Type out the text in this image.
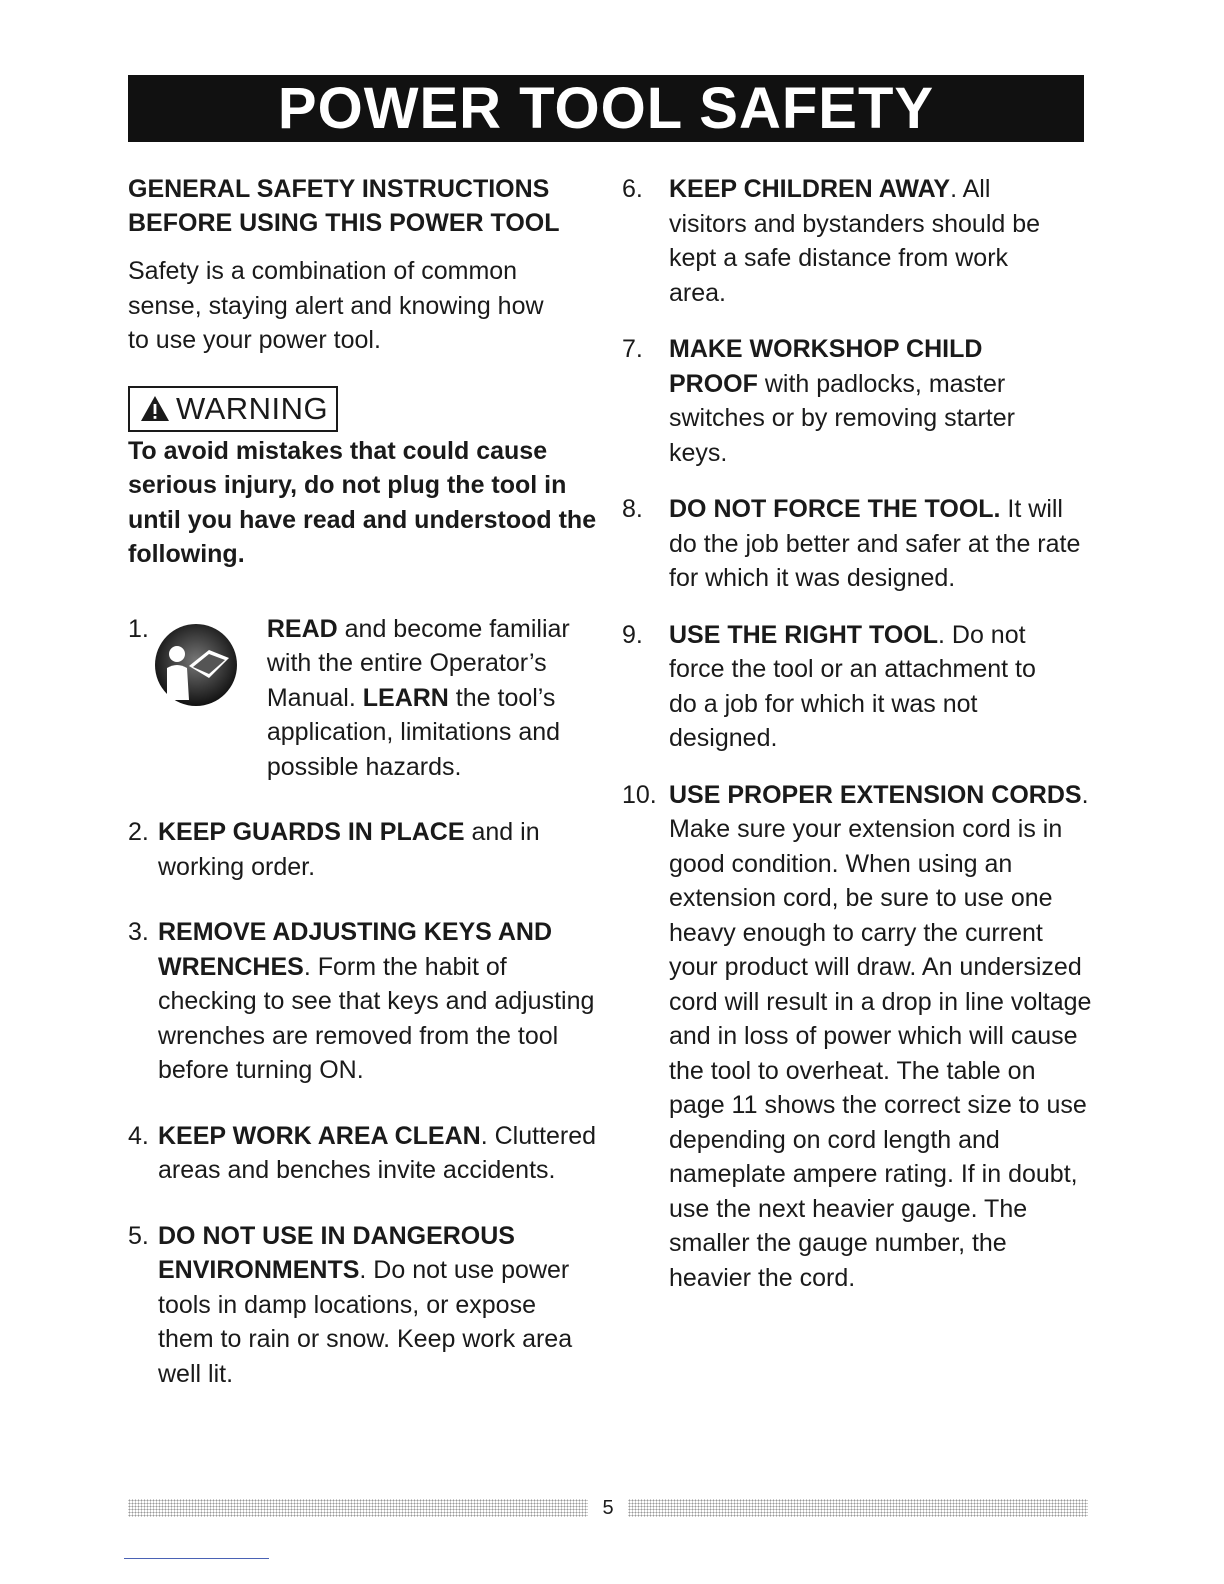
POWER TOOL SAFETY

GENERAL SAFETY INSTRUCTIONS

BEFORE USING THIS POWER TOOL

Safety is a combination of common sense, staying alert and knowing how to use your power tool.

WARNING

To avoid mistakes that could cause serious injury, do not plug the tool in until you have read and understood the following.

1.	READ and become familiar with the entire Operator’s Manual. LEARN the tool’s application, limitations and possible hazards.

2. KEEP GUARDS IN PLACE and in working order.
3. REMOVE ADJUSTING KEYS AND WRENCHES. Form the habit of checking to see that keys and adjusting wrenches are removed from the tool before turning ON.
4. KEEP WORK AREA CLEAN. Cluttered areas and benches invite accidents.
5. DO NOT USE IN DANGEROUS ENVIRONMENTS. Do not use power tools in damp locations, or expose them to rain or snow. Keep work area well lit.
6.	KEEP CHILDREN AWAY. All visitors and bystanders should be kept a safe distance from work area.
7.	MAKE WORKSHOP CHILD PROOF with padlocks, master switches or by removing starter keys.
8.	DO NOT FORCE THE TOOL. It will do the job better and safer at the rate for which it was designed.
9.	USE THE RIGHT TOOL. Do not force the tool or an attachment to do a job for which it was not designed.
10. USE PROPER EXTENSION CORDS. Make sure your extension cord is in good condition. When using an extension cord, be sure to use one heavy enough to carry the current your product will draw. An undersized cord will result in a drop in line voltage and in loss of power which will cause the tool to overheat. The table on page 11 shows the correct size to use depending on cord length and nameplate ampere rating. If in doubt, use the next heavier gauge. The smaller the gauge number, the heavier the cord.
5
